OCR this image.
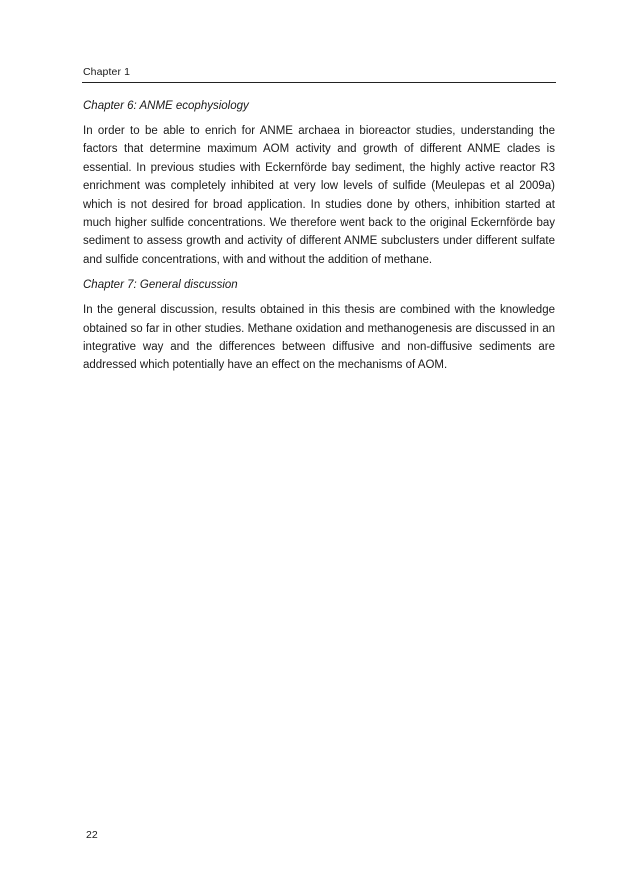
Chapter 1

Chapter 6: ANME ecophysiology

In order to be able to enrich for ANME archaea in bioreactor studies, understanding the factors that determine maximum AOM activity and growth of different ANME clades is essential. In previous studies with Eckernförde bay sediment, the highly active reactor R3 enrichment was completely inhibited at very low levels of sulfide (Meulepas et al 2009a) which is not desired for broad application. In studies done by others, inhibition started at much higher sulfide concentrations. We therefore went back to the original Eckernförde bay sediment to assess growth and activity of different ANME subclusters under different sulfate and sulfide concentrations, with and without the addition of methane.

Chapter 7: General discussion

In the general discussion, results obtained in this thesis are combined with the knowledge obtained so far in other studies. Methane oxidation and methanogenesis are discussed in an integrative way and the differences between diffusive and non-diffusive sediments are addressed which potentially have an effect on the mechanisms of AOM.

22
